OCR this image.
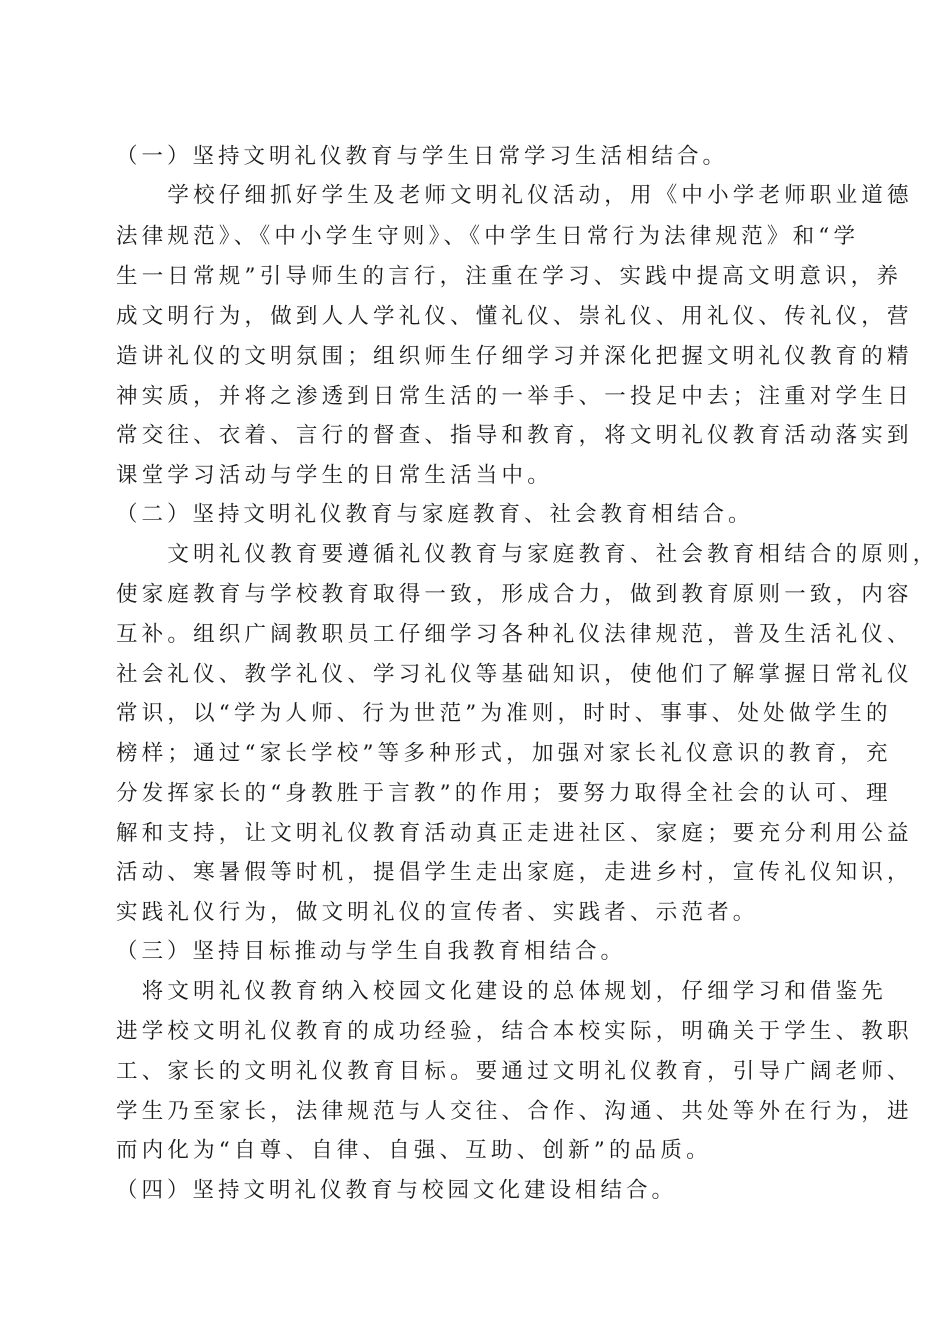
（一）坚持文明礼仪教育与学生日常学习生活相结合。
　　学校仔细抓好学生及老师文明礼仪活动，用《中小学老师职业道德
法律规范》、《中小学生守则》、《中学生日常行为法律规范》和“学
生一日常规”引导师生的言行，注重在学习、实践中提高文明意识，养
成文明行为，做到人人学礼仪、懂礼仪、崇礼仪、用礼仪、传礼仪，营
造讲礼仪的文明氛围；组织师生仔细学习并深化把握文明礼仪教育的精
神实质，并将之渗透到日常生活的一举手、一投足中去；注重对学生日
常交往、衣着、言行的督查、指导和教育，将文明礼仪教育活动落实到
课堂学习活动与学生的日常生活当中。
（二）坚持文明礼仪教育与家庭教育、社会教育相结合。
　　文明礼仪教育要遵循礼仪教育与家庭教育、社会教育相结合的原则，
使家庭教育与学校教育取得一致，形成合力，做到教育原则一致，内容
互补。组织广阔教职员工仔细学习各种礼仪法律规范，普及生活礼仪、
社会礼仪、教学礼仪、学习礼仪等基础知识，使他们了解掌握日常礼仪
常识，以“学为人师、行为世范”为准则，时时、事事、处处做学生的
榜样；通过“家长学校”等多种形式，加强对家长礼仪意识的教育，充
分发挥家长的“身教胜于言教”的作用；要努力取得全社会的认可、理
解和支持，让文明礼仪教育活动真正走进社区、家庭；要充分利用公益
活动、寒暑假等时机，提倡学生走出家庭，走进乡村，宣传礼仪知识，
实践礼仪行为，做文明礼仪的宣传者、实践者、示范者。
（三）坚持目标推动与学生自我教育相结合。
　将文明礼仪教育纳入校园文化建设的总体规划，仔细学习和借鉴先
进学校文明礼仪教育的成功经验，结合本校实际，明确关于学生、教职
工、家长的文明礼仪教育目标。要通过文明礼仪教育，引导广阔老师、
学生乃至家长，法律规范与人交往、合作、沟通、共处等外在行为，进
而内化为“自尊、自律、自强、互助、创新”的品质。
（四）坚持文明礼仪教育与校园文化建设相结合。
